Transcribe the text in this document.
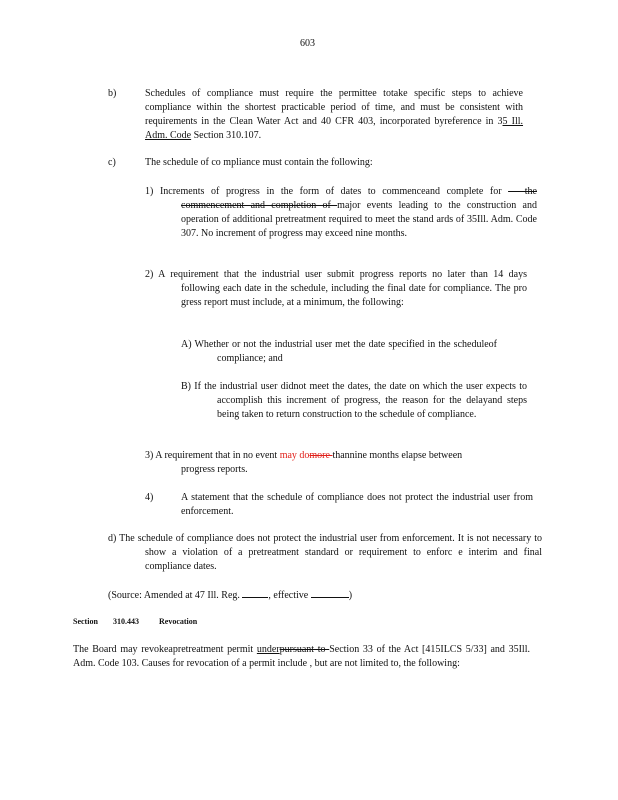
603
b)	Schedules of compliance must require the permittee totake specific steps to achieve compliance within the shortest practicable period of time, and must be consistent with requirements in the Clean Water Act and 40 CFR 403, incorporated byreference in 35 Ill. Adm. Code Section 310.107.
c)	The schedule of co mpliance must contain the following:
1) Increments of progress in the form of dates to commenceand complete for — the commencement and completion of major events leading to the construction and operation of additional pretreatment required to meet the stand ards of 35Ill. Adm. Code 307. No increment of progress may exceed nine months.
2) A requirement that the industrial user submit progress reports no later than 14 days following each date in the schedule, including the final date for compliance. The pro gress report must include, at a minimum, the following:
A) Whether or not the industrial user met the date specified in the scheduleof compliance; and
B) If the industrial user didnot meet the dates, the date on which the user expects to accomplish this increment of progress, the reason for the delayand steps being taken to return construction to the schedule of compliance.
3) A requirement that in no event may domore thannine months elapse between progress reports.
4)	A statement that the schedule of compliance does not protect the industrial user from enforcement.
d) The schedule of compliance does not protect the industrial user from enforcement. It is not necessary to show a violation of a pretreatment standard or requirement to enforc e interim and final compliance dates.
(Source: Amended at 47 Ill. Reg.	, effective	)
Section 310.443	Revocation
The Board may revokeapretreatment permit underpursuant to Section 33 of the Act [415ILCS 5/33] and 35Ill. Adm. Code 103. Causes for revocation of a permit include , but are not limited to, the following:
